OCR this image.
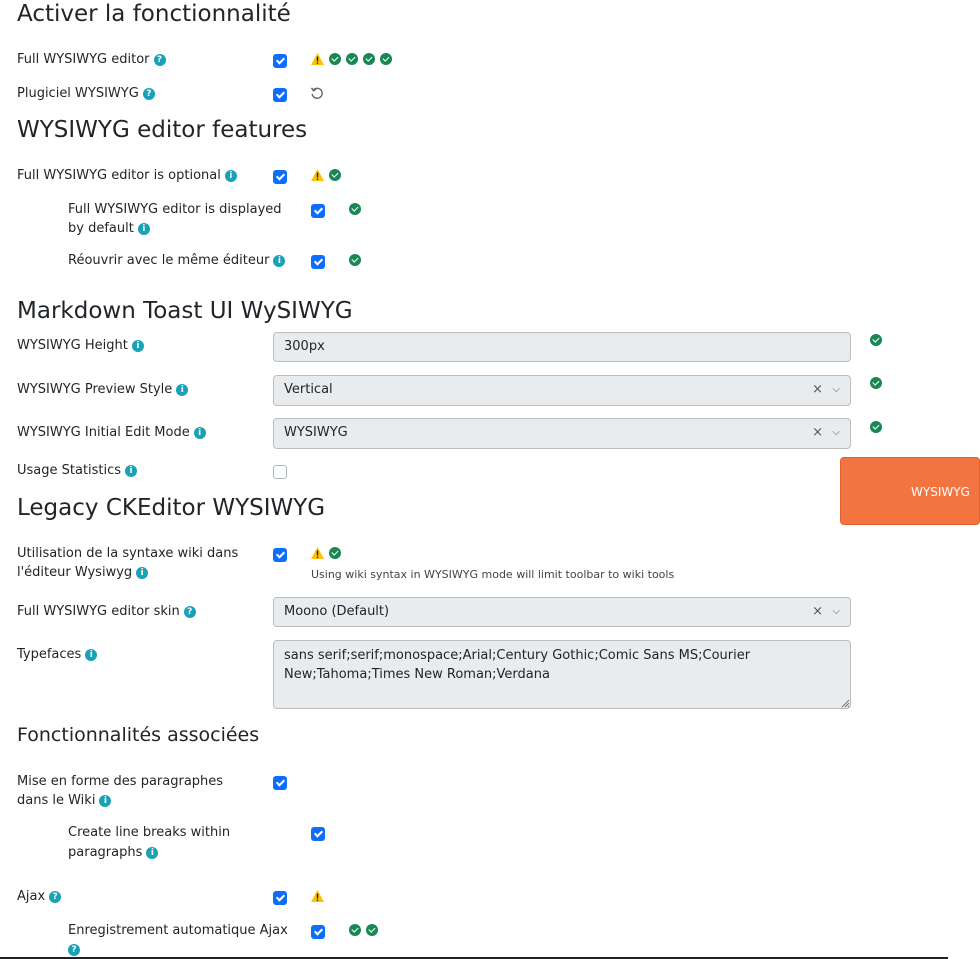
Activer la fonctionnalité
Full WYSIWYG editor ?
Plugiciel WYSIWYG ?
WYSIWYG editor features
Full WYSIWYG editor is optional i
Full WYSIWYG editor is displayed
by default i
Réouvrir avec le même éditeur i
Markdown Toast UI WySIWYG
WYSIWYG Height i	300px
WYSIWYG Preview Style i	Vertical	× ⌵
WYSIWYG Initial Edit Mode i	WYSIWYG	× ⌵
Usage Statistics i
WYSIWYG
Legacy CKEditor WYSIWYG
Utilisation de la syntaxe wiki dans
l'éditeur Wysiwyg i	Using wiki syntax in WYSIWYG mode will limit toolbar to wiki tools
Full WYSIWYG editor skin ?	Moono (Default)	× ⌵
Typefaces i	sans serif;serif;monospace;Arial;Century Gothic;Comic Sans MS;Courier New;Tahoma;Times New Roman;Verdana
Fonctionnalités associées
Mise en forme des paragraphes
dans le Wiki i
Create line breaks within
paragraphs i
Ajax ?
Enregistrement automatique Ajax
?
